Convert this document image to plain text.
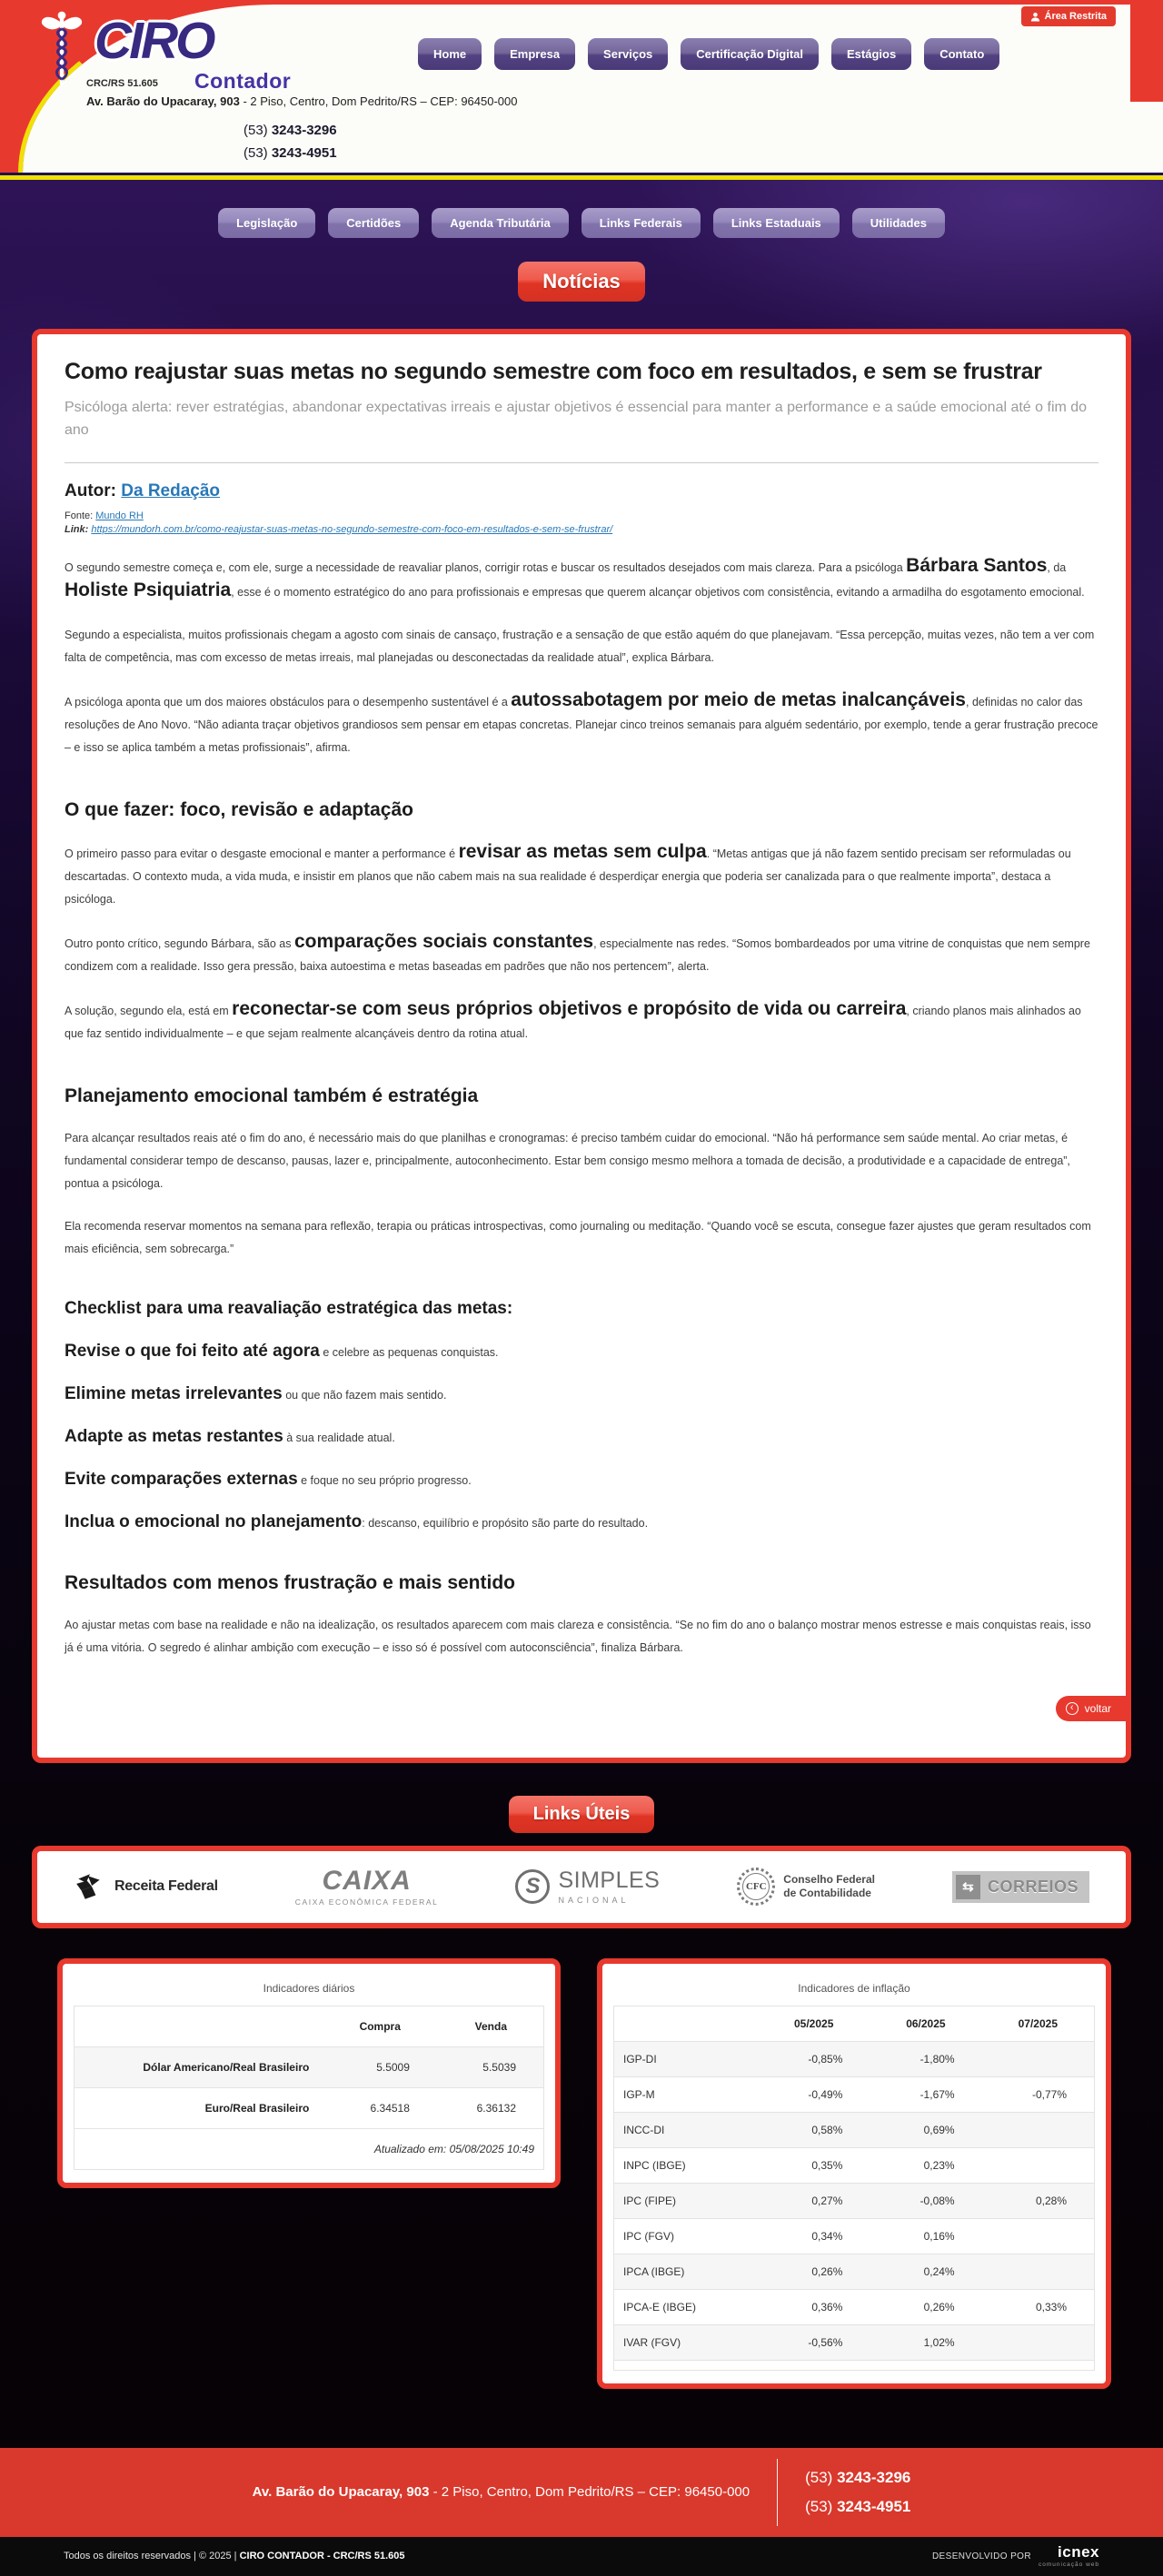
CIRO
Contador
CRC/RS 51.605
Av. Barão do Upacaray, 903 - 2 Piso, Centro, Dom Pedrito/RS – CEP: 96450-000
(53) 3243-3296
(53) 3243-4951
Área Restrita
Home	Empresa	Serviços	Certificação Digital	Estágios	Contato
Legislação	Certidões	Agenda Tributária	Links Federais	Links Estaduais	Utilidades
Notícias
Como reajustar suas metas no segundo semestre com foco em resultados, e sem se frustrar

Psicóloga alerta: rever estratégias, abandonar expectativas irreais e ajustar objetivos é essencial para manter a performance e a saúde emocional até o fim do ano

Autor: Da Redação
Fonte: Mundo RH
Link: https://mundorh.com.br/como-reajustar-suas-metas-no-segundo-semestre-com-foco-em-resultados-e-sem-se-frustrar/

O segundo semestre começa e, com ele, surge a necessidade de reavaliar planos, corrigir rotas e buscar os resultados desejados com mais clareza. Para a psicóloga Bárbara Santos, da Holiste Psiquiatria, esse é o momento estratégico do ano para profissionais e empresas que querem alcançar objetivos com consistência, evitando a armadilha do esgotamento emocional.

Segundo a especialista, muitos profissionais chegam a agosto com sinais de cansaço, frustração e a sensação de que estão aquém do que planejavam. “Essa percepção, muitas vezes, não tem a ver com falta de competência, mas com excesso de metas irreais, mal planejadas ou desconectadas da realidade atual”, explica Bárbara.

A psicóloga aponta que um dos maiores obstáculos para o desempenho sustentável é a autossabotagem por meio de metas inalcançáveis, definidas no calor das resoluções de Ano Novo. “Não adianta traçar objetivos grandiosos sem pensar em etapas concretas. Planejar cinco treinos semanais para alguém sedentário, por exemplo, tende a gerar frustração precoce – e isso se aplica também a metas profissionais”, afirma.

O que fazer: foco, revisão e adaptação

O primeiro passo para evitar o desgaste emocional e manter a performance é revisar as metas sem culpa. “Metas antigas que já não fazem sentido precisam ser reformuladas ou descartadas. O contexto muda, a vida muda, e insistir em planos que não cabem mais na sua realidade é desperdiçar energia que poderia ser canalizada para o que realmente importa”, destaca a psicóloga.

Outro ponto crítico, segundo Bárbara, são as comparações sociais constantes, especialmente nas redes. “Somos bombardeados por uma vitrine de conquistas que nem sempre condizem com a realidade. Isso gera pressão, baixa autoestima e metas baseadas em padrões que não nos pertencem”, alerta.

A solução, segundo ela, está em reconectar-se com seus próprios objetivos e propósito de vida ou carreira, criando planos mais alinhados ao que faz sentido individualmente – e que sejam realmente alcançáveis dentro da rotina atual.

Planejamento emocional também é estratégia

Para alcançar resultados reais até o fim do ano, é necessário mais do que planilhas e cronogramas: é preciso também cuidar do emocional. “Não há performance sem saúde mental. Ao criar metas, é fundamental considerar tempo de descanso, pausas, lazer e, principalmente, autoconhecimento. Estar bem consigo mesmo melhora a tomada de decisão, a produtividade e a capacidade de entrega”, pontua a psicóloga.

Ela recomenda reservar momentos na semana para reflexão, terapia ou práticas introspectivas, como journaling ou meditação. “Quando você se escuta, consegue fazer ajustes que geram resultados com mais eficiência, sem sobrecarga.”

Checklist para uma reavaliação estratégica das metas:

Revise o que foi feito até agora e celebre as pequenas conquistas.

Elimine metas irrelevantes ou que não fazem mais sentido.

Adapte as metas restantes à sua realidade atual.

Evite comparações externas e foque no seu próprio progresso.

Inclua o emocional no planejamento: descanso, equilíbrio e propósito são parte do resultado.

Resultados com menos frustração e mais sentido

Ao ajustar metas com base na realidade e não na idealização, os resultados aparecem com mais clareza e consistência. “Se no fim do ano o balanço mostrar menos estresse e mais conquistas reais, isso já é uma vitória. O segredo é alinhar ambição com execução – e isso só é possível com autoconsciência”, finaliza Bárbara.

‹	voltar
Links Úteis
Receita Federal	CAIXA
CAIXA ECONÔMICA FEDERAL
S SIMPLES
NACIONAL
CFC
Conselho Federal
de Contabilidade	⇆ CORREIOS
Indicadores diários
	Compra	Venda
Dólar Americano/Real Brasileiro	5.5009	5.5039
Euro/Real Brasileiro	6.34518	6.36132
Atualizado em: 05/08/2025 10:49		
Indicadores de inflação
	05/2025	06/2025	07/2025
IGP-DI	-0,85%	-1,80%	
IGP-M	-0,49%	-1,67%	-0,77%
INCC-DI	0,58%	0,69%	
INPC (IBGE)	0,35%	0,23%	
IPC (FIPE)	0,27%	-0,08%	0,28%
IPC (FGV)	0,34%	0,16%	
IPCA (IBGE)	0,26%	0,24%	
IPCA-E (IBGE)	0,36%	0,26%	0,33%
IVAR (FGV)	-0,56%	1,02%	

Av. Barão do Upacaray, 903 - 2 Piso, Centro, Dom Pedrito/RS – CEP: 96450-000
(53) 3243-3296
(53) 3243-4951
Todos os direitos reservados | © 2025 | CIRO CONTADOR - CRC/RS 51.605	DESENVOLVIDO POR icnex
comunicação web
